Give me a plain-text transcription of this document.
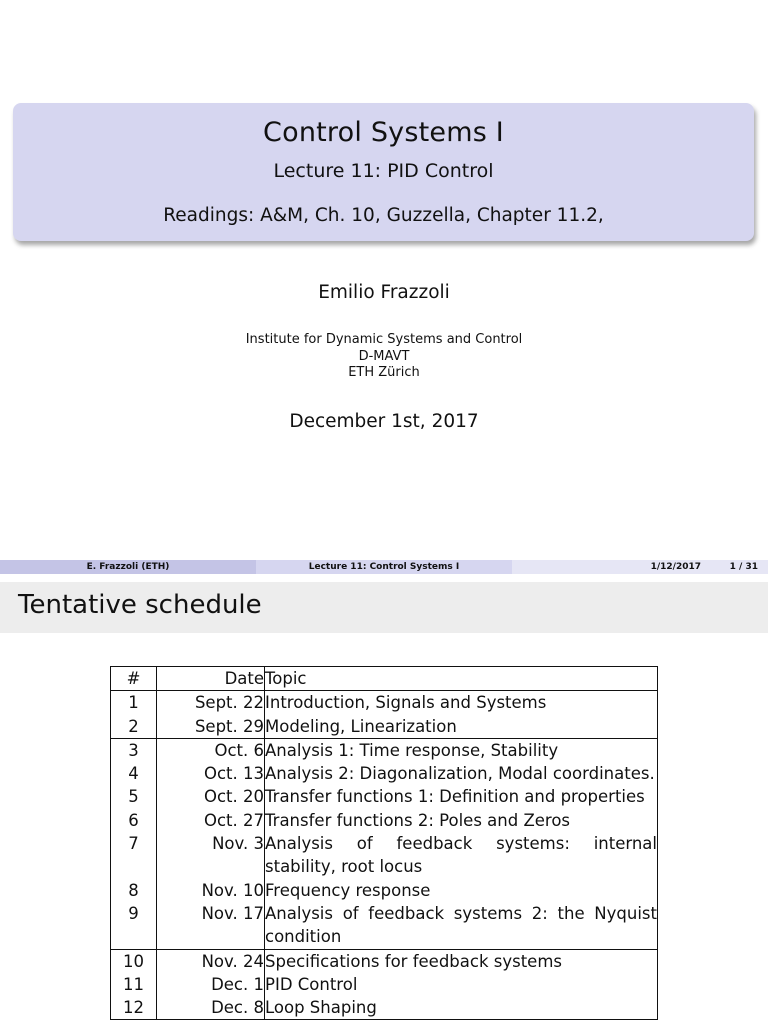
Control Systems I
Lecture 11: PID Control
Readings: A&M, Ch. 10, Guzzella, Chapter 11.2,
Emilio Frazzoli
Institute for Dynamic Systems and Control
D-MAVT
ETH Zürich
December 1st, 2017
E. Frazzoli (ETH)	Lecture 11: Control Systems I	1/12/2017	1 / 31
Tentative schedule
#	Date	Topic
1	Sept. 22	Introduction, Signals and Systems
2	Sept. 29	Modeling, Linearization
3	Oct. 6	Analysis 1: Time response, Stability
4	Oct. 13	Analysis 2: Diagonalization, Modal coordinates.
5	Oct. 20	Transfer functions 1: Definition and properties
6	Oct. 27	Transfer functions 2: Poles and Zeros
7	Nov. 3	Analysis of feedback systems: internal stability, root locus
8	Nov. 10	Frequency response
9	Nov. 17	Analysis of feedback systems 2: the Nyquist condition
10	Nov. 24	Specifications for feedback systems
11	Dec. 1	PID Control
12	Dec. 8	Loop Shaping
